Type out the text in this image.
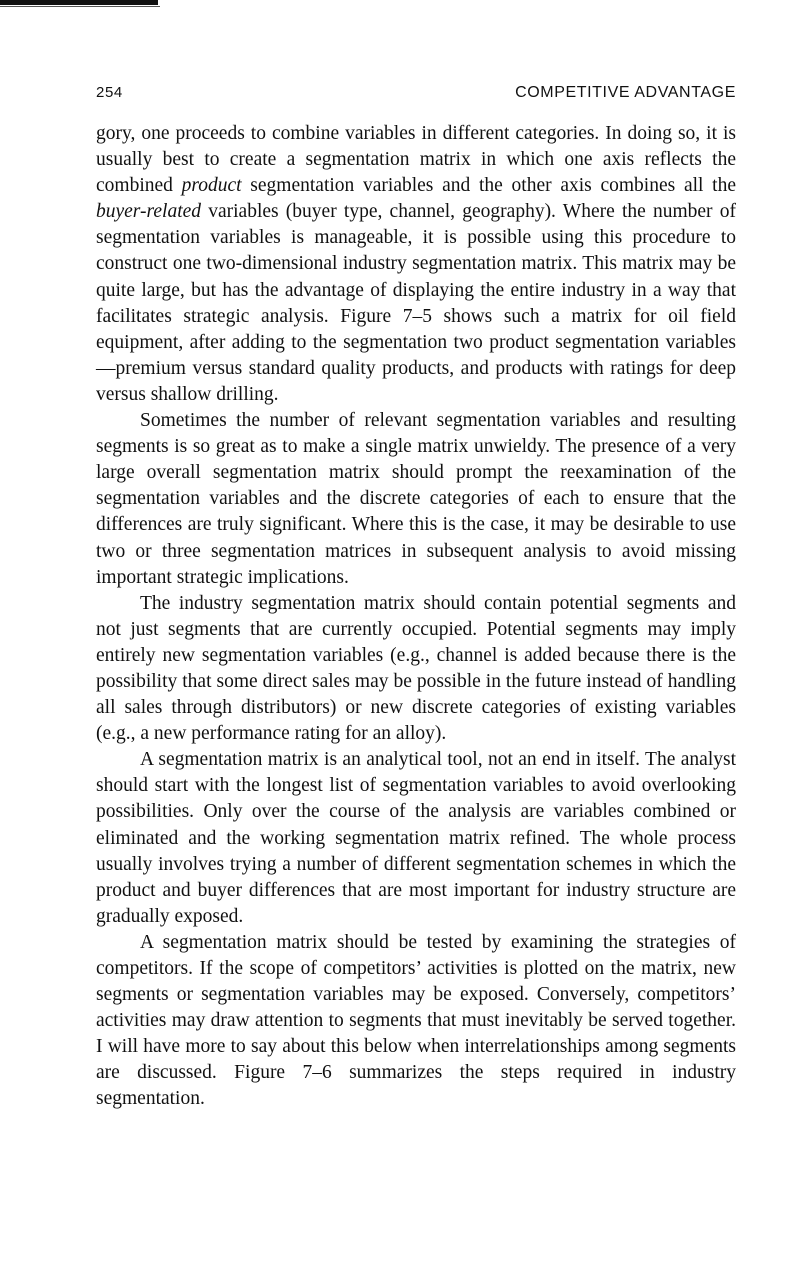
254	COMPETITIVE ADVANTAGE

gory, one proceeds to combine variables in different categories. In doing so, it is usually best to create a segmentation matrix in which one axis reflects the combined product segmentation variables and the other axis combines all the buyer-related variables (buyer type, channel, geography). Where the number of segmentation variables is manageable, it is possible using this procedure to construct one two-dimensional industry segmentation matrix. This matrix may be quite large, but has the advantage of displaying the entire industry in a way that facilitates strategic analysis. Figure 7–5 shows such a matrix for oil field equipment, after adding to the segmentation two product segmentation variables—premium versus standard quality products, and products with ratings for deep versus shallow drilling.

Sometimes the number of relevant segmentation variables and resulting segments is so great as to make a single matrix unwieldy. The presence of a very large overall segmentation matrix should prompt the reexamination of the segmentation variables and the discrete categories of each to ensure that the differences are truly significant. Where this is the case, it may be desirable to use two or three segmentation matrices in subsequent analysis to avoid missing important strategic implications.

The industry segmentation matrix should contain potential segments and not just segments that are currently occupied. Potential segments may imply entirely new segmentation variables (e.g., channel is added because there is the possibility that some direct sales may be possible in the future instead of handling all sales through distributors) or new discrete categories of existing variables (e.g., a new performance rating for an alloy).

A segmentation matrix is an analytical tool, not an end in itself. The analyst should start with the longest list of segmentation variables to avoid overlooking possibilities. Only over the course of the analysis are variables combined or eliminated and the working segmentation matrix refined. The whole process usually involves trying a number of different segmentation schemes in which the product and buyer differences that are most important for industry structure are gradually exposed.

A segmentation matrix should be tested by examining the strategies of competitors. If the scope of competitors’ activities is plotted on the matrix, new segments or segmentation variables may be exposed. Conversely, competitors’ activities may draw attention to segments that must inevitably be served together. I will have more to say about this below when interrelationships among segments are discussed. Figure 7–6 summarizes the steps required in industry segmentation.
